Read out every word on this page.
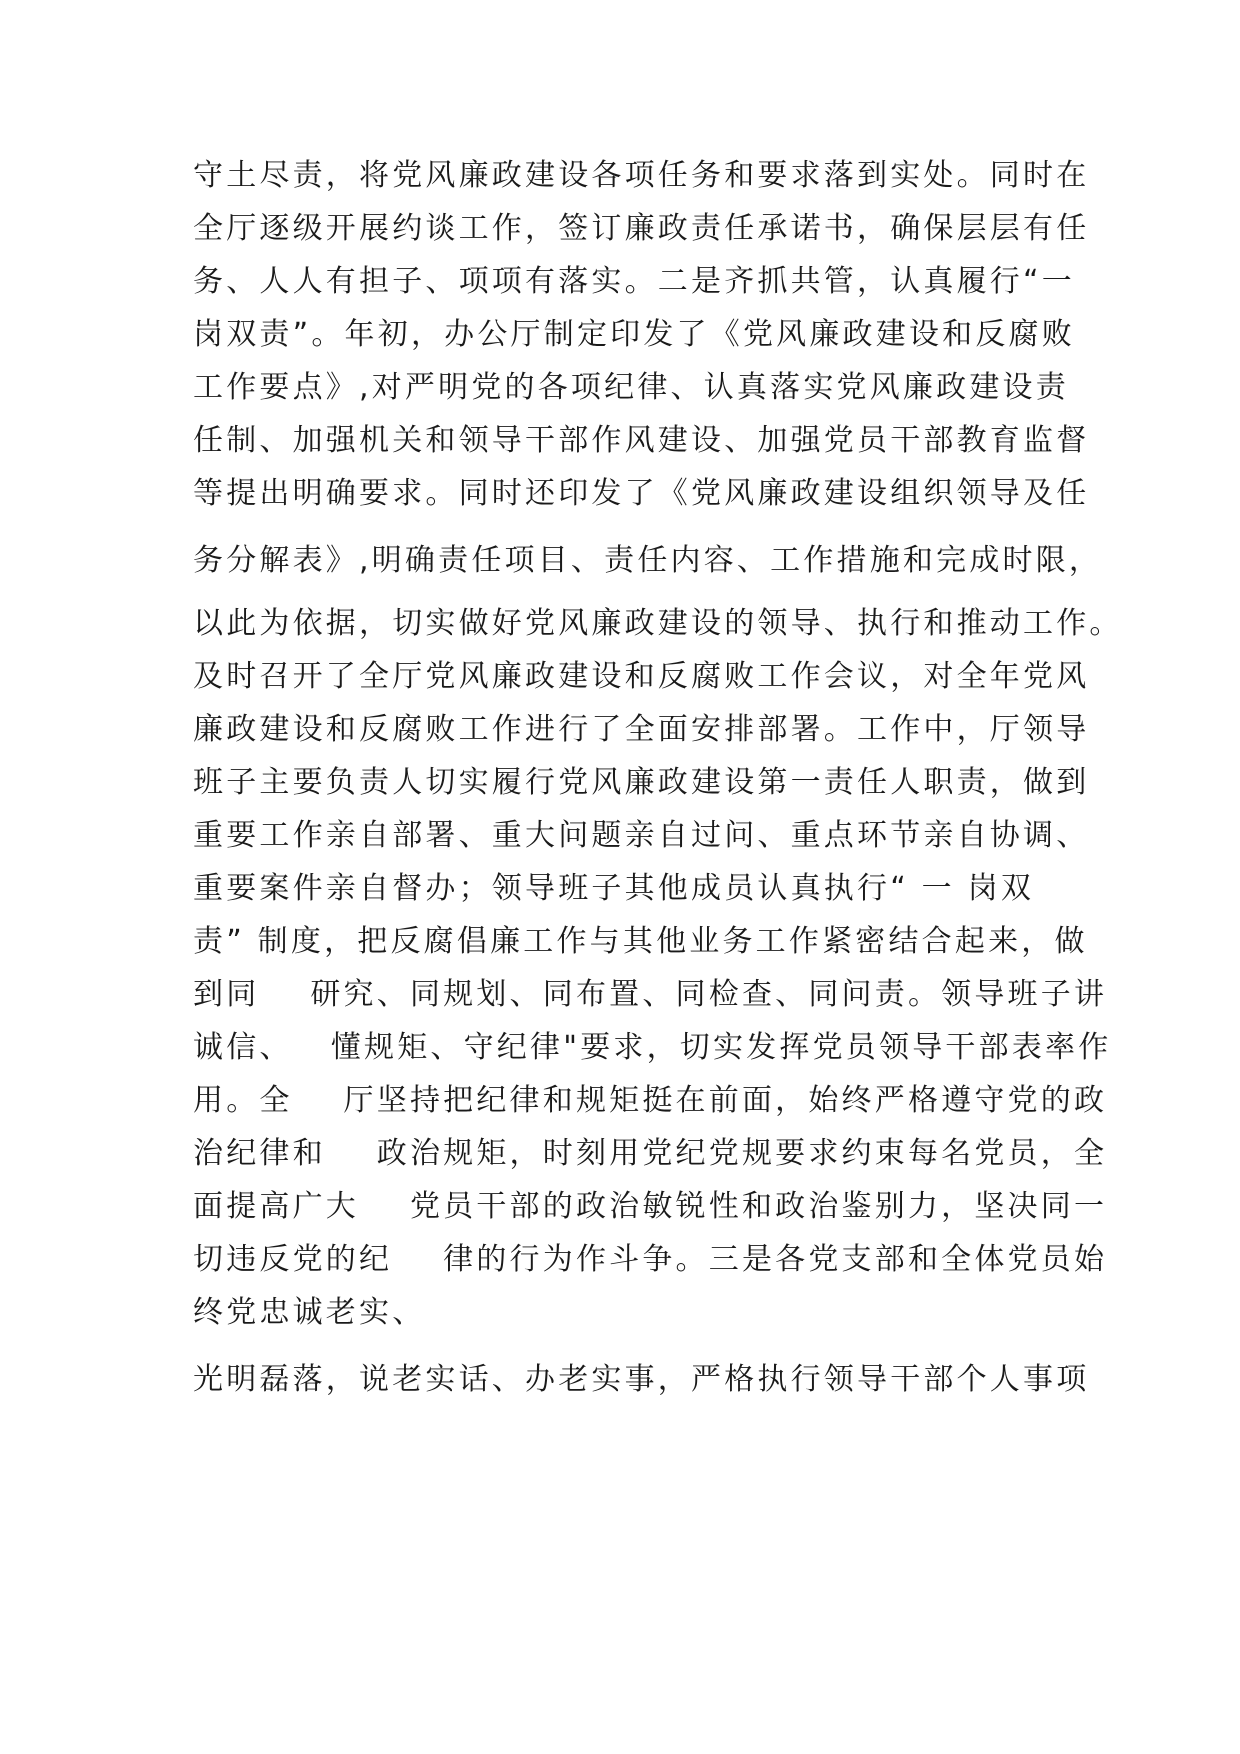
守土尽责，将党风廉政建设各项任务和要求落到实处。同时在

全厅逐级开展约谈工作，签订廉政责任承诺书，确保层层有任

务、人人有担子、项项有落实。二是齐抓共管，认真履行“一

岗双责”。年初，办公厅制定印发了《党风廉政建设和反腐败

工作要点》,对严明党的各项纪律、认真落实党风廉政建设责

任制、加强机关和领导干部作风建设、加强党员干部教育监督

等提出明确要求。同时还印发了《党风廉政建设组织领导及任

务分解表》,明确责任项目、责任内容、工作措施和完成时限，

以此为依据，切实做好党风廉政建设的领导、执行和推动工作。

及时召开了全厅党风廉政建设和反腐败工作会议，对全年党风

廉政建设和反腐败工作进行了全面安排部署。工作中，厅领导

班子主要负责人切实履行党风廉政建设第一责任人职责，做到

重要工作亲自部署、重大问题亲自过问、重点环节亲自协调、

重要案件亲自督办；领导班子其他成员认真执行“ 一 岗双

责” 制度，把反腐倡廉工作与其他业务工作紧密结合起来，做

到同    研究、同规划、同布置、同检查、同问责。领导班子讲

诚信、   懂规矩、守纪律"要求，切实发挥党员领导干部表率作

用。全    厅坚持把纪律和规矩挺在前面，始终严格遵守党的政

治纪律和    政治规矩，时刻用党纪党规要求约束每名党员，全

面提高广大    党员干部的政治敏锐性和政治鉴别力，坚决同一

切违反党的纪    律的行为作斗争。三是各党支部和全体党员始

终党忠诚老实、

光明磊落，说老实话、办老实事，严格执行领导干部个人事项
